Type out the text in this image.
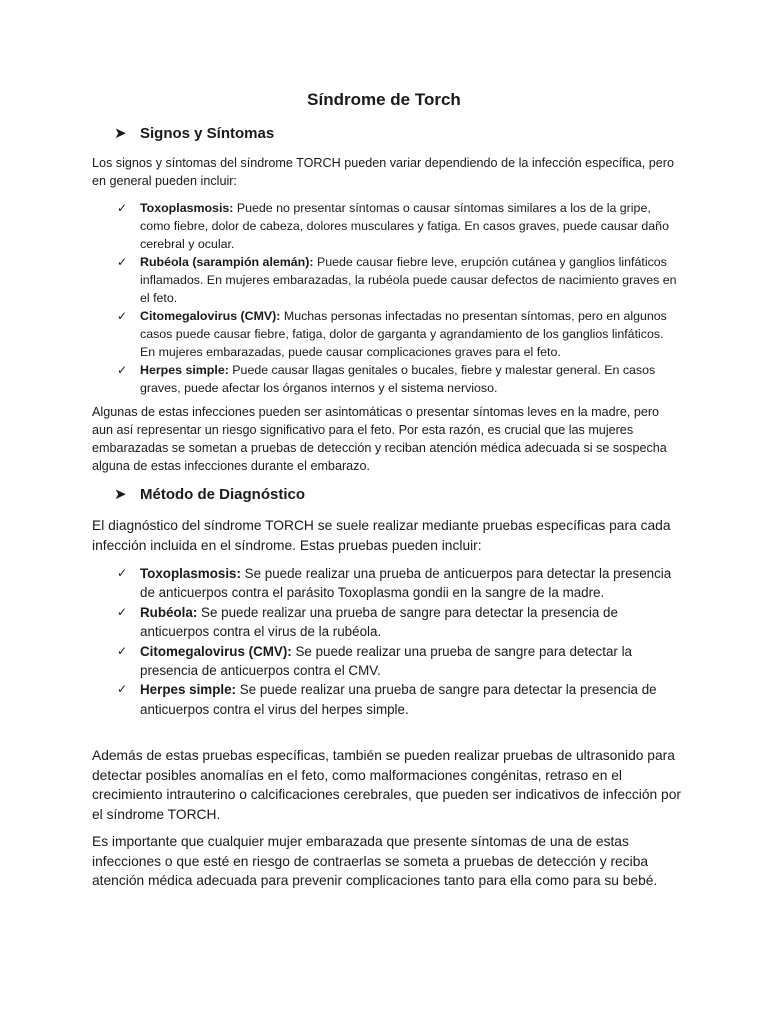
Síndrome de Torch
➤ Signos y Síntomas

Los signos y síntomas del síndrome TORCH pueden variar dependiendo de la infección específica, pero en general pueden incluir:

✓ Toxoplasmosis: Puede no presentar síntomas o causar síntomas similares a los de la gripe, como fiebre, dolor de cabeza, dolores musculares y fatiga. En casos graves, puede causar daño cerebral y ocular.
✓ Rubéola (sarampión alemán): Puede causar fiebre leve, erupción cutánea y ganglios linfáticos inflamados. En mujeres embarazadas, la rubéola puede causar defectos de nacimiento graves en el feto.
✓ Citomegalovirus (CMV): Muchas personas infectadas no presentan síntomas, pero en algunos casos puede causar fiebre, fatiga, dolor de garganta y agrandamiento de los ganglios linfáticos. En mujeres embarazadas, puede causar complicaciones graves para el feto.
✓ Herpes simple: Puede causar llagas genitales o bucales, fiebre y malestar general. En casos graves, puede afectar los órganos internos y el sistema nervioso.

Algunas de estas infecciones pueden ser asintomáticas o presentar síntomas leves en la madre, pero aun así representar un riesgo significativo para el feto. Por esta razón, es crucial que las mujeres embarazadas se sometan a pruebas de detección y reciban atención médica adecuada si se sospecha alguna de estas infecciones durante el embarazo.

➤ Método de Diagnóstico

El diagnóstico del síndrome TORCH se suele realizar mediante pruebas específicas para cada infección incluida en el síndrome. Estas pruebas pueden incluir:

✓ Toxoplasmosis: Se puede realizar una prueba de anticuerpos para detectar la presencia de anticuerpos contra el parásito Toxoplasma gondii en la sangre de la madre.
✓ Rubéola: Se puede realizar una prueba de sangre para detectar la presencia de anticuerpos contra el virus de la rubéola.
✓ Citomegalovirus (CMV): Se puede realizar una prueba de sangre para detectar la presencia de anticuerpos contra el CMV.
✓ Herpes simple: Se puede realizar una prueba de sangre para detectar la presencia de anticuerpos contra el virus del herpes simple.

Además de estas pruebas específicas, también se pueden realizar pruebas de ultrasonido para detectar posibles anomalías en el feto, como malformaciones congénitas, retraso en el crecimiento intrauterino o calcificaciones cerebrales, que pueden ser indicativos de infección por el síndrome TORCH.

Es importante que cualquier mujer embarazada que presente síntomas de una de estas infecciones o que esté en riesgo de contraerlas se someta a pruebas de detección y reciba atención médica adecuada para prevenir complicaciones tanto para ella como para su bebé.
